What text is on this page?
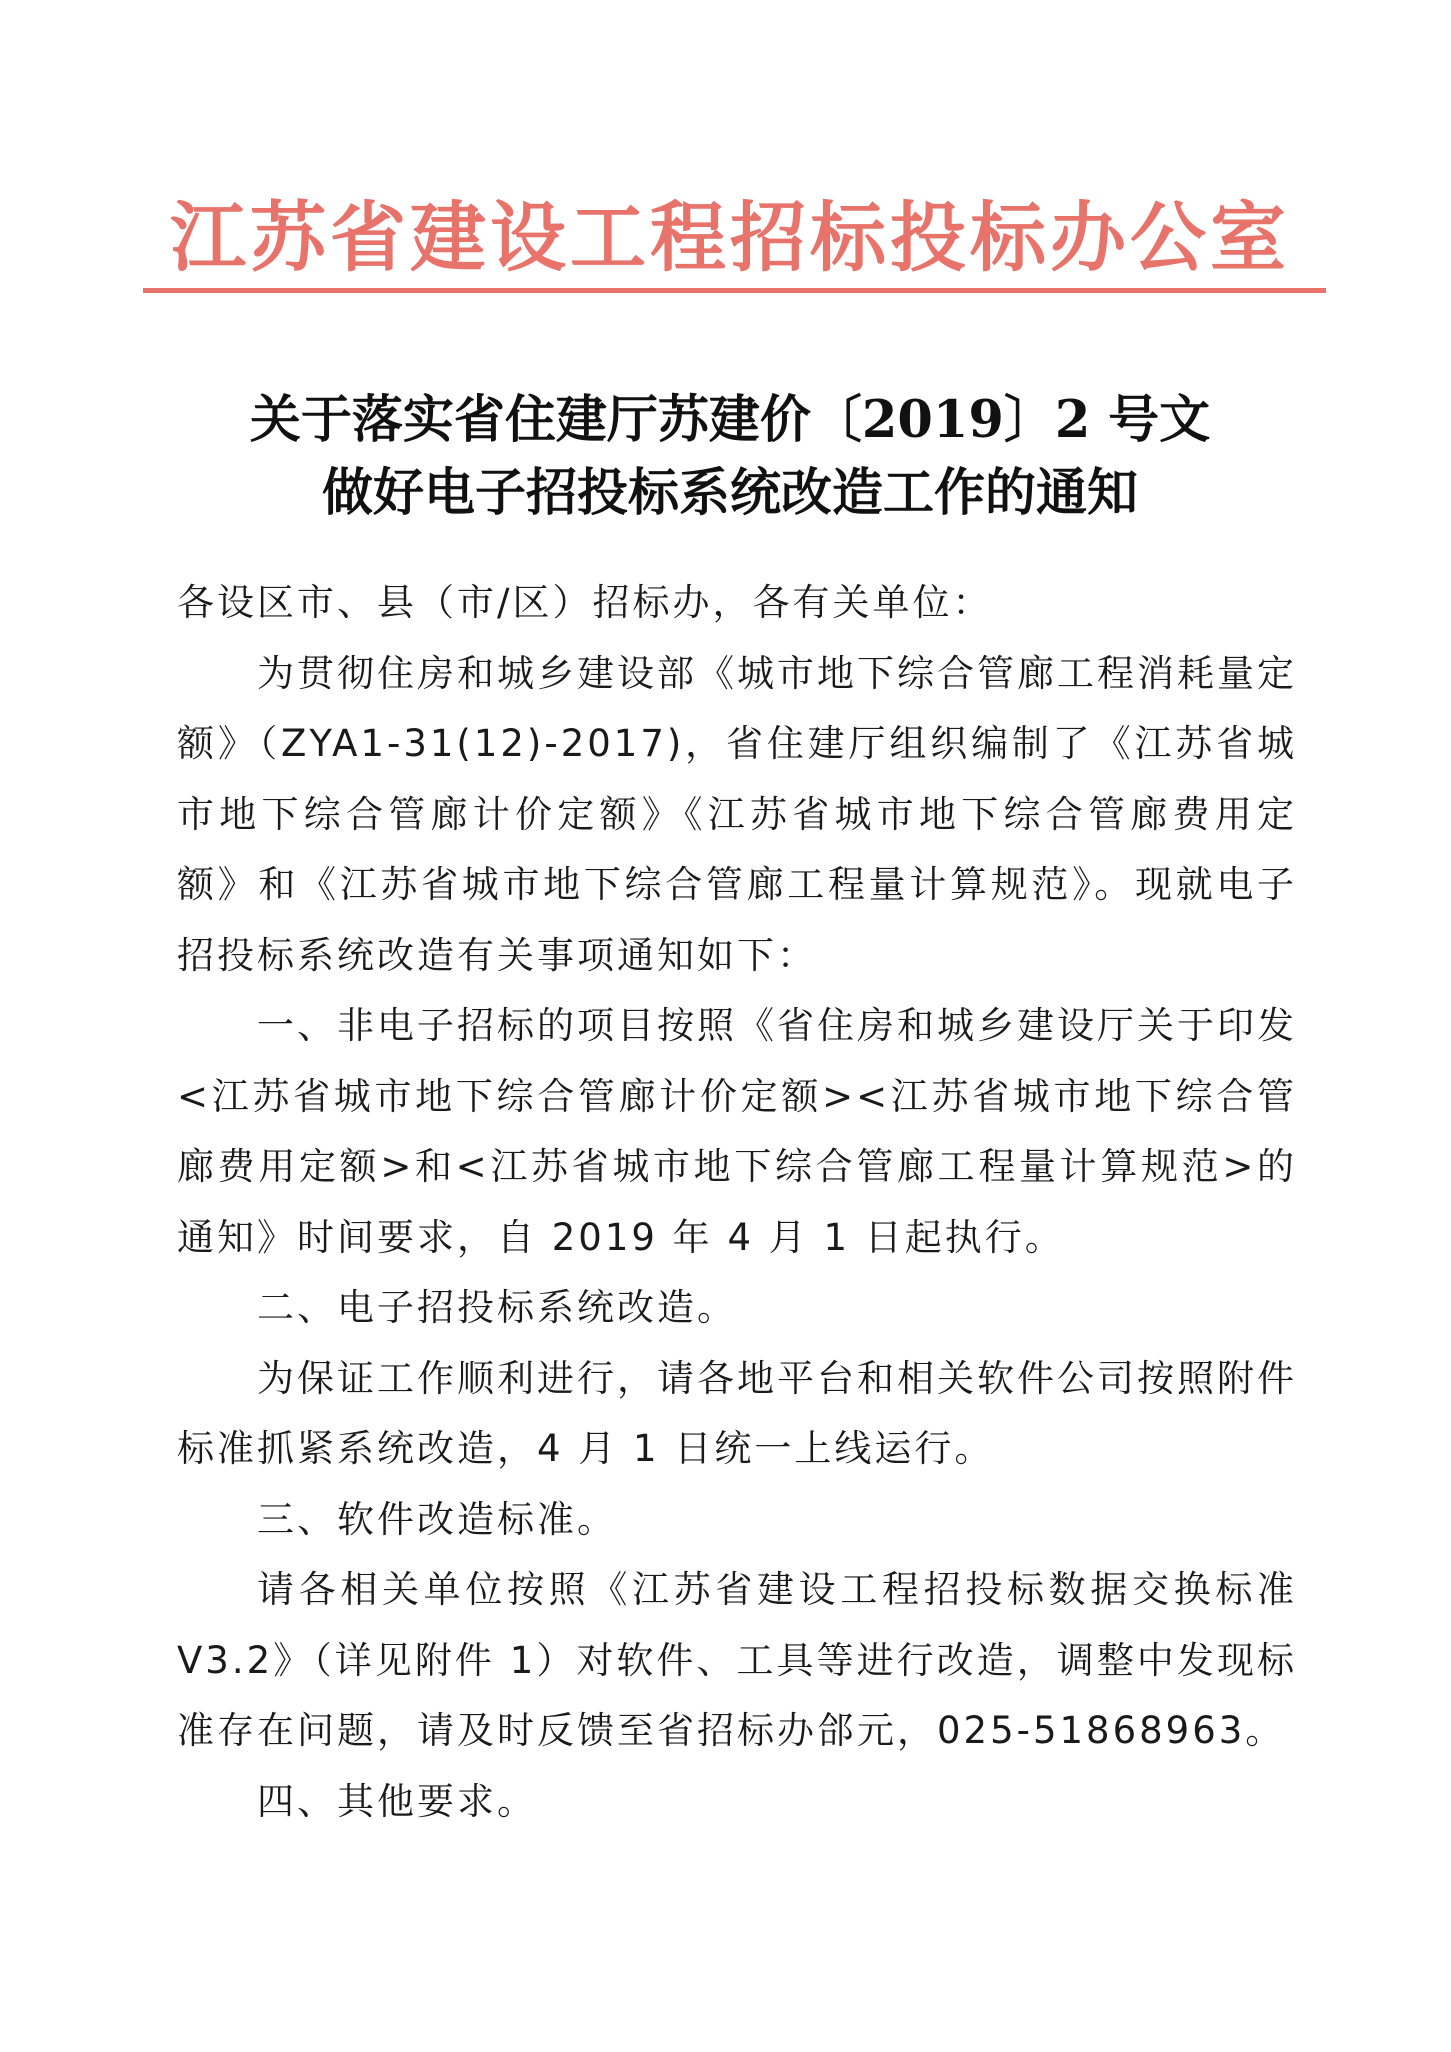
江苏省建设工程招标投标办公室
关于落实省住建厅苏建价〔2019〕2 号文
做好电子招投标系统改造工作的通知

各设区市、县（市/区）招标办，各有关单位：

为贯彻住房和城乡建设部《城市地下综合管廊工程消耗量定额》（ZYA1-31(12)-2017)，省住建厅组织编制了《江苏省城市地下综合管廊计价定额》《江苏省城市地下综合管廊费用定额》和《江苏省城市地下综合管廊工程量计算规范》。现就电子招投标系统改造有关事项通知如下：

一、非电子招标的项目按照《省住房和城乡建设厅关于印发<江苏省城市地下综合管廊计价定额><江苏省城市地下综合管廊费用定额>和<江苏省城市地下综合管廊工程量计算规范>的通知》时间要求，自 2019 年 4 月 1 日起执行。

二、电子招投标系统改造。

为保证工作顺利进行，请各地平台和相关软件公司按照附件标准抓紧系统改造，4 月 1 日统一上线运行。

三、软件改造标准。

请各相关单位按照《江苏省建设工程招投标数据交换标准V3.2》（详见附件 1）对软件、工具等进行改造，调整中发现标准存在问题，请及时反馈至省招标办郃元，025-51868963。

四、其他要求。
